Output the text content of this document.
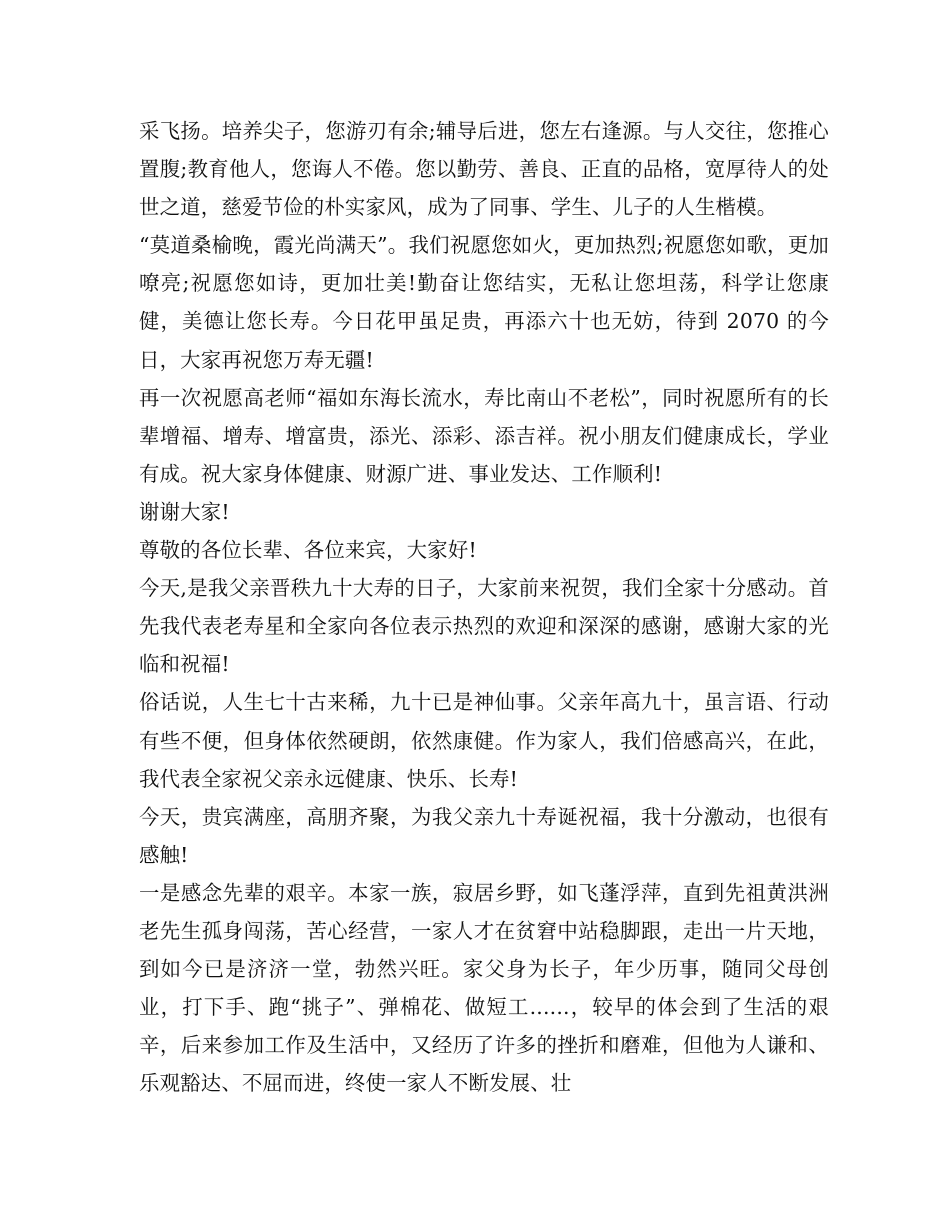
采飞扬。培养尖子，您游刃有余;辅导后进，您左右逢源。与人交往，您推心置腹;教育他人，您诲人不倦。您以勤劳、善良、正直的品格，宽厚待人的处世之道，慈爱节俭的朴实家风，成为了同事、学生、儿子的人生楷模。

“莫道桑榆晚，霞光尚满天”。我们祝愿您如火，更加热烈;祝愿您如歌，更加嘹亮;祝愿您如诗，更加壮美!勤奋让您结实，无私让您坦荡，科学让您康健，美德让您长寿。今日花甲虽足贵，再添六十也无妨，待到 2070 的今日，大家再祝您万寿无疆!

再一次祝愿高老师“福如东海长流水，寿比南山不老松”，同时祝愿所有的长辈增福、增寿、增富贵，添光、添彩、添吉祥。祝小朋友们健康成长，学业有成。祝大家身体健康、财源广进、事业发达、工作顺利!

谢谢大家!

尊敬的各位长辈、各位来宾，大家好!

今天,是我父亲晋秩九十大寿的日子，大家前来祝贺，我们全家十分感动。首先我代表老寿星和全家向各位表示热烈的欢迎和深深的感谢，感谢大家的光临和祝福!

俗话说，人生七十古来稀，九十已是神仙事。父亲年高九十，虽言语、行动有些不便，但身体依然硬朗，依然康健。作为家人，我们倍感高兴，在此，我代表全家祝父亲永远健康、快乐、长寿!

今天，贵宾满座，高朋齐聚，为我父亲九十寿诞祝福，我十分激动，也很有感触!

一是感念先辈的艰辛。本家一族，寂居乡野，如飞蓬浮萍，直到先祖黄洪洲老先生孤身闯荡，苦心经营，一家人才在贫窘中站稳脚跟，走出一片天地，到如今已是济济一堂，勃然兴旺。家父身为长子，年少历事，随同父母创业，打下手、跑“挑子”、弹棉花、做短工......，较早的体会到了生活的艰辛，后来参加工作及生活中，又经历了许多的挫折和磨难，但他为人谦和、乐观豁达、不屈而进，终使一家人不断发展、壮
